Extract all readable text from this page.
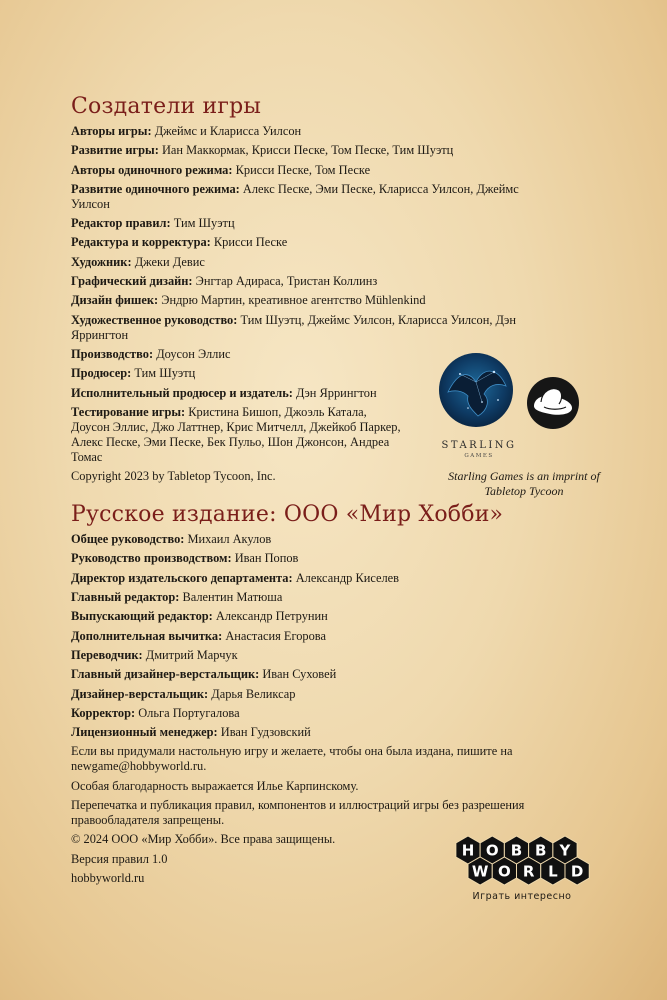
Создатели игры

Авторы игры: Джеймс и Кларисса Уилсон

Развитие игры: Иан Маккормак, Крисси Песке, Том Песке, Тим Шуэтц

Авторы одиночного режима: Крисси Песке, Том Песке

Развитие одиночного режима: Алекс Песке, Эми Песке, Кларисса Уилсон, Джеймс Уилсон

Редактор правил: Тим Шуэтц

Редактура и корректура: Крисси Песке

Художник: Джеки Девис

Графический дизайн: Энгтар Адираса, Тристан Коллинз

Дизайн фишек: Эндрю Мартин, креативное агентство Mühlenkind

Художественное руководство: Тим Шуэтц, Джеймс Уилсон, Кларисса Уилсон, Дэн Яррингтон

Производство: Доусон Эллис

Продюсер: Тим Шуэтц

Исполнительный продюсер и издатель: Дэн Яррингтон

Тестирование игры: Кристина Бишоп, Джоэль Катала, Доусон Эллис, Джо Латтнер, Крис Митчелл, Джейкоб Паркер, Алекс Песке, Эми Песке, Бек Пульо, Шон Джонсон, Андреа Томас

Copyright 2023 by Tabletop Tycoon, Inc.

Русское издание: ООО «Мир Хобби»

Общее руководство: Михаил Акулов

Руководство производством: Иван Попов

Директор издательского департамента: Александр Киселев

Главный редактор: Валентин Матюша

Выпускающий редактор: Александр Петрунин

Дополнительная вычитка: Анастасия Егорова

Переводчик: Дмитрий Марчук

Главный дизайнер-верстальщик: Иван Суховей

Дизайнер-верстальщик: Дарья Великсар

Корректор: Ольга Португалова

Лицензионный менеджер: Иван Гудзовский

Если вы придумали настольную игру и желаете, чтобы она была издана, пишите на newgame@hobbyworld.ru.

Особая благодарность выражается Илье Карпинскому.

Перепечатка и публикация правил, компонентов и иллюстраций игры без разрешения правообладателя запрещены.

© 2024 ООО «Мир Хобби». Все права защищены.

Версия правил 1.0

hobbyworld.ru

STARLING
GAMES
Starling Games is an imprint of Tabletop Tycoon
H O B B Y
W O R L D
Играть интересно
